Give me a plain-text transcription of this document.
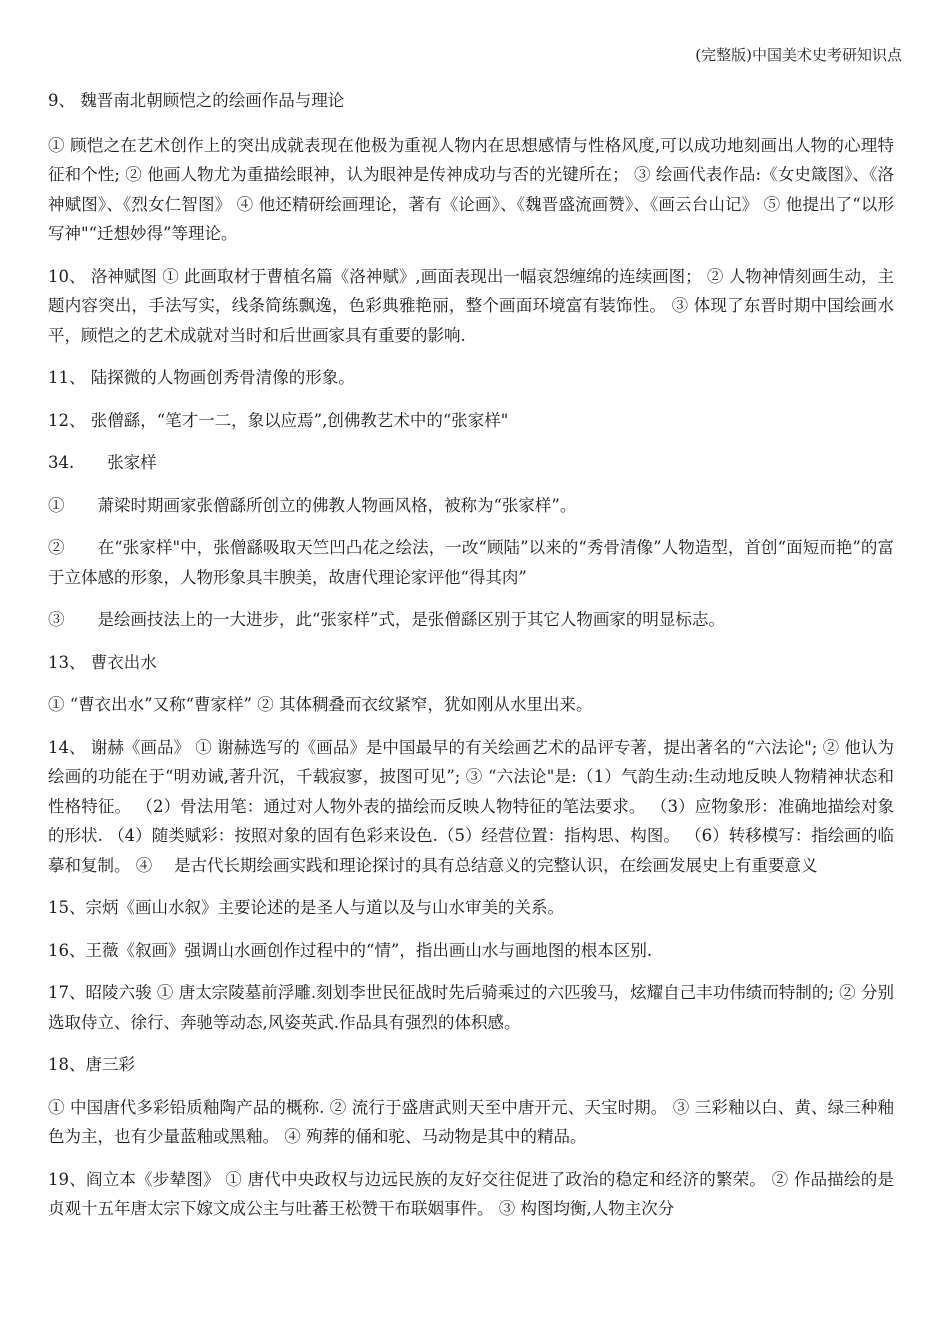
(完整版)中国美术史考研知识点

9、 魏晋南北朝顾恺之的绘画作品与理论

① 顾恺之在艺术创作上的突出成就表现在他极为重视人物内在思想感情与性格风度,可以成功地刻画出人物的心理特征和个性; ② 他画人物尤为重描绘眼神，认为眼神是传神成功与否的光键所在； ③ 绘画代表作品:《女史箴图》、《洛神赋图》、《烈女仁智图》 ④ 他还精研绘画理论，著有《论画》、《魏晋盛流画赞》、《画云台山记》 ⑤ 他提出了“以形写神"“迁想妙得”等理论。

10、 洛神赋图 ① 此画取材于曹植名篇《洛神赋》,画面表现出一幅哀怨缠绵的连续画图； ② 人物神情刻画生动，主题内容突出，手法写实，线条简练飘逸，色彩典雅艳丽，整个画面环境富有装饰性。 ③ 体现了东晋时期中国绘画水平，顾恺之的艺术成就对当时和后世画家具有重要的影响.

11、 陆探微的人物画创秀骨清像的形象。

12、 张僧繇，“笔才一二，象以应焉”,创佛教艺术中的“张家样"

34.　　张家样

①　　萧梁时期画家张僧繇所创立的佛教人物画风格，被称为“张家样”。

②　　在“张家样"中，张僧繇吸取天竺凹凸花之绘法，一改“顾陆”以来的“秀骨清像”人物造型，首创“面短而艳”的富于立体感的形象，人物形象具丰腴美，故唐代理论家评他“得其肉”

③　　是绘画技法上的一大进步，此“张家样”式，是张僧繇区别于其它人物画家的明显标志。

13、 曹衣出水

① “曹衣出水”又称“曹家样” ② 其体稠叠而衣纹紧窄，犹如刚从水里出来。

14、 谢赫《画品》 ① 谢赫选写的《画品》是中国最早的有关绘画艺术的品评专著，提出著名的“六法论"; ② 他认为绘画的功能在于“明劝诫,著升沉，千载寂寥，披图可见”; ③ “六法论"是:（1）气韵生动:生动地反映人物精神状态和性格特征。 （2）骨法用笔：通过对人物外表的描绘而反映人物特征的笔法要求。 （3）应物象形：准确地描绘对象的形状. （4）随类赋彩：按照对象的固有色彩来设色.（5）经营位置：指构思、构图。 （6）转移模写：指绘画的临摹和复制。 ④ 　是古代长期绘画实践和理论探讨的具有总结意义的完整认识，在绘画发展史上有重要意义

15、宗炳《画山水叙》主要论述的是圣人与道以及与山水审美的关系。

16、王薇《叙画》强调山水画创作过程中的“情”，指出画山水与画地图的根本区别.

17、昭陵六骏 ① 唐太宗陵墓前浮雕.刻划李世民征战时先后骑乘过的六匹骏马，炫耀自己丰功伟绩而特制的; ② 分别选取侍立、徐行、奔驰等动态,风姿英武.作品具有强烈的体积感。

18、唐三彩

① 中国唐代多彩铅质釉陶产品的概称. ② 流行于盛唐武则天至中唐开元、天宝时期。 ③ 三彩釉以白、黄、绿三种釉色为主，也有少量蓝釉或黑釉。 ④ 殉葬的俑和驼、马动物是其中的精品。

19、阎立本《步辇图》 ① 唐代中央政权与边远民族的友好交往促进了政治的稳定和经济的繁荣。 ② 作品描绘的是贞观十五年唐太宗下嫁文成公主与吐蕃王松赞干布联姻事件。 ③ 构图均衡,人物主次分
